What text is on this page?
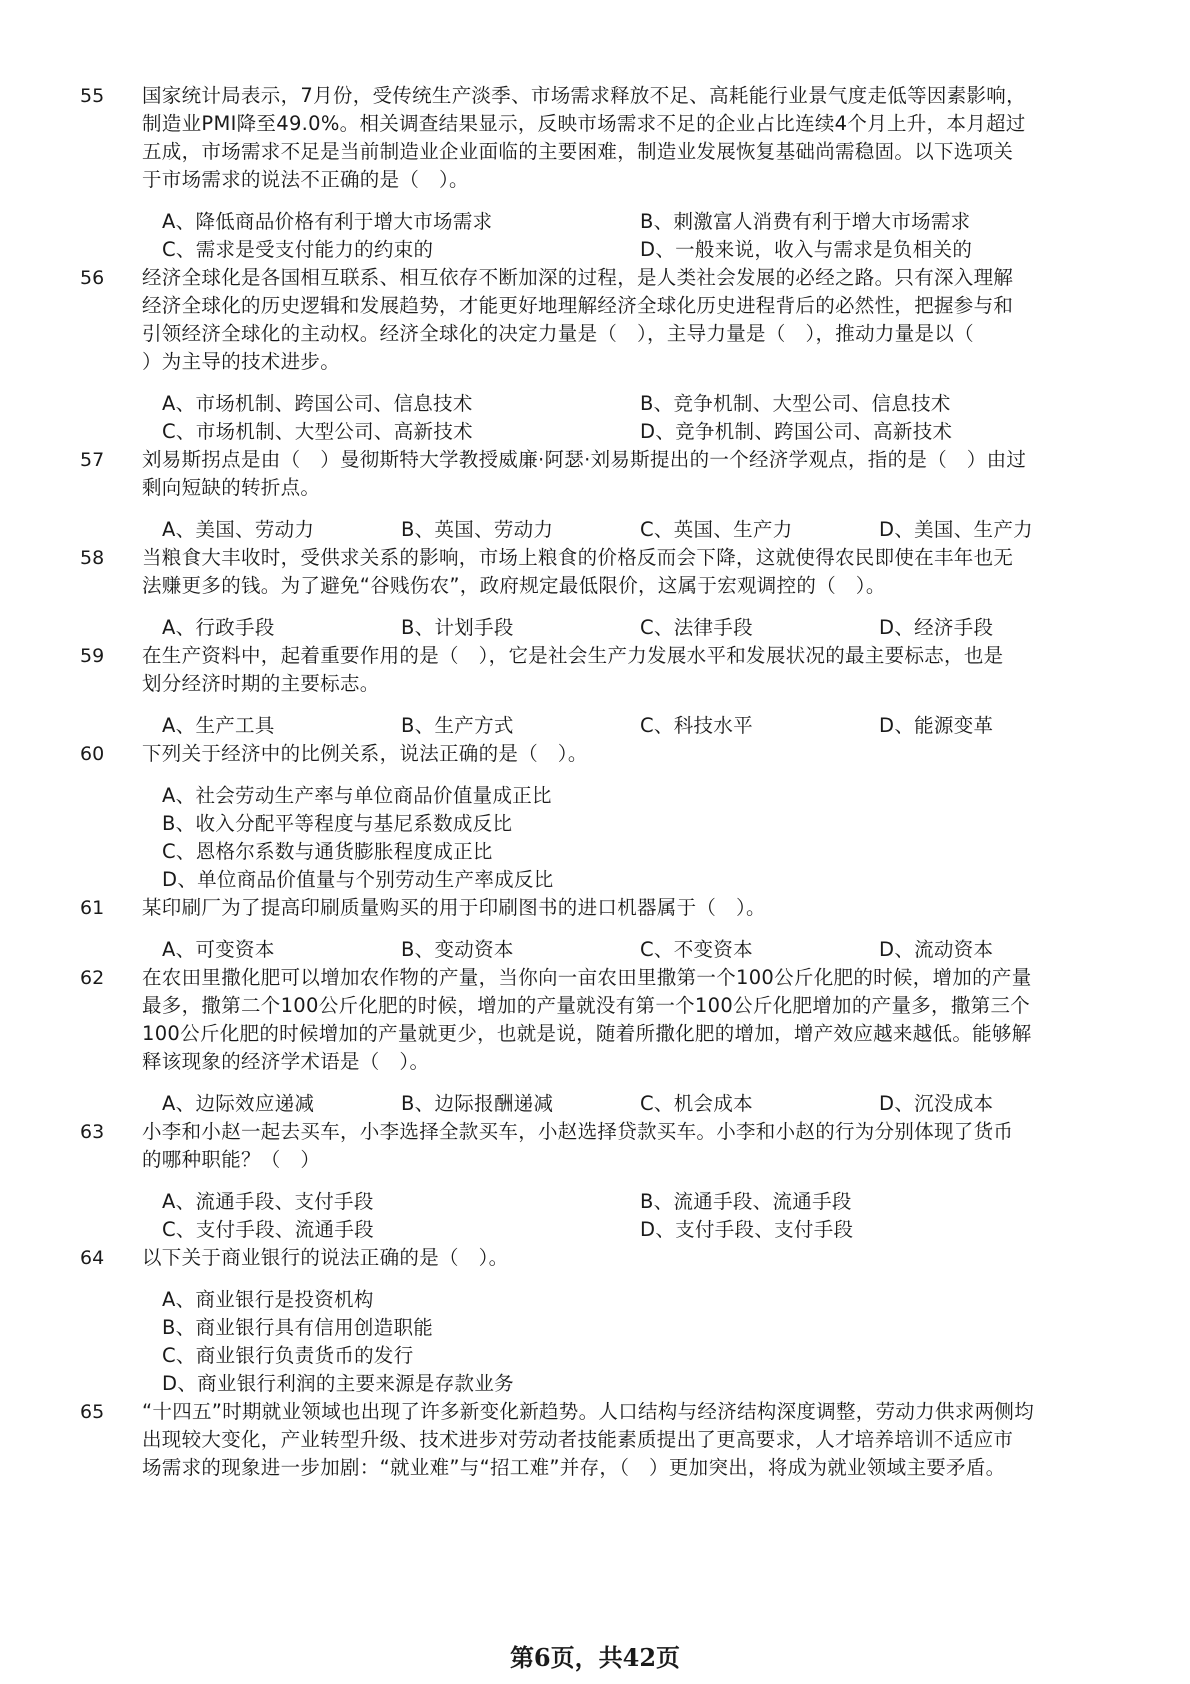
55 国家统计局表示，7月份，受传统生产淡季、市场需求释放不足、高耗能行业景气度走低等因素影响，
制造业PMI降至49.0%。相关调查结果显示，反映市场需求不足的企业占比连续4个月上升，本月超过
五成，市场需求不足是当前制造业企业面临的主要困难，制造业发展恢复基础尚需稳固。以下选项关
于市场需求的说法不正确的是（　）。
A、降低商品价格有利于增大市场需求	B、刺激富人消费有利于增大市场需求
C、需求是受支付能力的约束的	D、一般来说，收入与需求是负相关的
56 经济全球化是各国相互联系、相互依存不断加深的过程，是人类社会发展的必经之路。只有深入理解
经济全球化的历史逻辑和发展趋势，才能更好地理解经济全球化历史进程背后的必然性，把握参与和
引领经济全球化的主动权。经济全球化的决定力量是（　），主导力量是（　），推动力量是以（
）为主导的技术进步。
A、市场机制、跨国公司、信息技术	B、竞争机制、大型公司、信息技术
C、市场机制、大型公司、高新技术	D、竞争机制、跨国公司、高新技术
57 刘易斯拐点是由（　）曼彻斯特大学教授威廉·阿瑟·刘易斯提出的一个经济学观点，指的是（　）由过
剩向短缺的转折点。
A、美国、劳动力	B、英国、劳动力	C、英国、生产力	D、美国、生产力
58 当粮食大丰收时，受供求关系的影响，市场上粮食的价格反而会下降，这就使得农民即使在丰年也无
法赚更多的钱。为了避免“谷贱伤农”，政府规定最低限价，这属于宏观调控的（　）。
A、行政手段	B、计划手段	C、法律手段	D、经济手段
59 在生产资料中，起着重要作用的是（　），它是社会生产力发展水平和发展状况的最主要标志，也是
划分经济时期的主要标志。
A、生产工具	B、生产方式	C、科技水平	D、能源变革
60 下列关于经济中的比例关系，说法正确的是（　）。
A、社会劳动生产率与单位商品价值量成正比
B、收入分配平等程度与基尼系数成反比
C、恩格尔系数与通货膨胀程度成正比
D、单位商品价值量与个别劳动生产率成反比
61 某印刷厂为了提高印刷质量购买的用于印刷图书的进口机器属于（　）。
A、可变资本	B、变动资本	C、不变资本	D、流动资本
62 在农田里撒化肥可以增加农作物的产量，当你向一亩农田里撒第一个100公斤化肥的时候，增加的产量
最多，撒第二个100公斤化肥的时候，增加的产量就没有第一个100公斤化肥增加的产量多，撒第三个
100公斤化肥的时候增加的产量就更少，也就是说，随着所撒化肥的增加，增产效应越来越低。能够解
释该现象的经济学术语是（　）。
A、边际效应递减	B、边际报酬递减	C、机会成本	D、沉没成本
63 小李和小赵一起去买车，小李选择全款买车，小赵选择贷款买车。小李和小赵的行为分别体现了货币
的哪种职能？（　）
A、流通手段、支付手段	B、流通手段、流通手段
C、支付手段、流通手段	D、支付手段、支付手段
64 以下关于商业银行的说法正确的是（　）。
A、商业银行是投资机构
B、商业银行具有信用创造职能
C、商业银行负责货币的发行
D、商业银行利润的主要来源是存款业务
65 “十四五”时期就业领域也出现了许多新变化新趋势。人口结构与经济结构深度调整，劳动力供求两侧均
出现较大变化，产业转型升级、技术进步对劳动者技能素质提出了更高要求，人才培养培训不适应市
场需求的现象进一步加剧：“就业难”与“招工难”并存，（　）更加突出，将成为就业领域主要矛盾。
第6页，共42页
